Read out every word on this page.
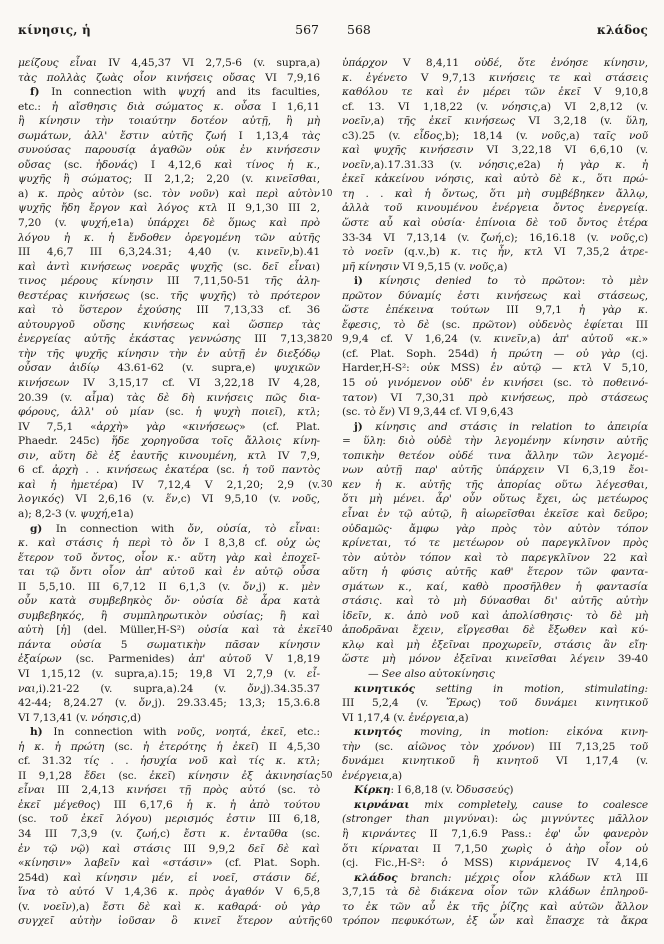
κίνησις, ἡ	567 568	κλάδος
μείζους εἶναι IV 4,45,37 VI 2,7,5-6 (v. supra,a)
τὰς πολλὰς ζωὰς οἷον κινήσεις οὔσας VI 7,9,16
f) In connection with ψυχή and its faculties,
etc.: ἡ αἴσθησις διὰ σώματος κ. οὖσα I 1,6,11
ἢ κίνησιν τὴν τοιαύτην δοτέον αὐτῇ, ἢ μὴ
σωμάτων, ἀλλ' ἔστιν αὐτῆς ζωή I 1,13,4 τὰς
συνούσας παρουσίᾳ ἀγαθῶν οὐκ ἐν κινήσεσιν
οὔσας (sc. ἡδονάς) I 4,12,6 καὶ τίνος ἡ κ.,
ψυχῆς ἢ σώματος; II 2,1,2; 2,20 (v. κινεῖσθαι,
a) κ. πρὸς αὐτὸν (sc. τὸν νοῦν) καὶ περὶ αὐτὸν
ψυχῆς ἤδη ἔργον καὶ λόγος κτλ II 9,1,30 III 2,
7,20 (v. ψυχή,e1a) ὑπάρχει δὲ ὅμως καὶ πρὸ
λόγου ἡ κ. ἡ ἔνδοθεν ὀρεγομένη τῶν αὐτῆς
III 4,6,7 III 6,3,24.31; 4,40 (v. κινεῖν,b).41
καὶ ἀντὶ κινήσεως νοερᾶς ψυχῆς (sc. δεῖ εἶναι)
τινος μέρους κίνησιν III 7,11,50-51 τῆς ἀλη-
θεστέρας κινήσεως (sc. τῆς ψυχῆς) τὸ πρότερον
καὶ τὸ ὕστερον ἐχούσης III 7,13,33 cf. 36
αὐτουργοῦ οὔσης κινήσεως καὶ ὥσπερ τὰς
ἐνεργείας αὐτῆς ἑκάστας γεννώσης III 7,13,38
τὴν τῆς ψυχῆς κίνησιν τὴν ἐν αὑτῇ ἐν διεξόδῳ
οὖσαν ἀιδίῳ 43.61-62 (v. supra,e) ψυχικῶν
κινήσεων IV 3,15,17 cf. VI 3,22,18 IV 4,28,
20.39 (v. αἷμα) τὰς δὲ δὴ κινήσεις πῶς δια-
φόρους, ἀλλ' οὐ μίαν (sc. ἡ ψυχὴ ποιεῖ), κτλ;
IV 7,5,1 «ἀρχὴ» γὰρ «κινήσεως» (cf. Plat.
Phaedr. 245c) ἥδε χορηγοῦσα τοῖς ἄλλοις κίνη-
σιν, αὕτη δὲ ἐξ ἑαυτῆς κινουμένη, κτλ IV 7,9,
6 cf. ἀρχὴ . . κινήσεως ἑκατέρα (sc. ἡ τοῦ παντὸς
καὶ ἡ ἡμετέρα) IV 7,12,4 V 2,1,20; 2,9 (v.
λογικός) VI 2,6,16 (v. ἕν,c) VI 9,5,10 (v. νοῦς,
a); 8,2-3 (v. ψυχή,e1a)
g) In connection with ὄν, οὐσία, τὸ εἶναι:
κ. καὶ στάσις ἡ περὶ τὸ ὄν I 8,3,8 cf. οὐχ ὡς
ἕτερον τοῦ ὄντος, οἷον κ.· αὕτη γὰρ καὶ ἐποχεῖ-
ται τῷ ὄντι οἷον ἀπ' αὐτοῦ καὶ ἐν αὐτῷ οὖσα
II 5,5,10. III 6,7,12 II 6,1,3 (v. ὄν,j) κ. μὲν
οὖν κατὰ συμβεβηκὸς ὄν· οὐσία δὲ ἆρα κατὰ
συμβεβηκός, ἢ συμπληρωτικὸν οὐσίας; ἢ καὶ
αὐτὴ [ἡ] (del. Müller,H-S²) οὐσία καὶ τὰ ἐκεῖ
πάντα οὐσία 5 σωματικὴν πᾶσαν κίνησιν
ἐξαίρων (sc. Parmenides) ἀπ' αὐτοῦ V 1,8,19
VI 1,15,12 (v. supra,a).15; 19,8 VI 2,7,9 (v. εἶ-
ναι,i).21-22 (v. supra,a).24 (v. ὄν,j).34.35.37
42-44; 8,24.27 (v. ὄν,j). 29.33.45; 13,3; 15,3.6.8
VI 7,13,41 (v. νόησις,d)
h) In connection with νοῦς, νοητά, ἐκεῖ, etc.:
ἡ κ. ἡ πρώτη (sc. ἡ ἑτερότης ἡ ἐκεῖ) II 4,5,30
cf. 31.32 τίς . . ἡσυχία νοῦ καὶ τίς κ. κτλ;
II 9,1,28 ἔδει (sc. ἐκεῖ) κίνησιν ἐξ ἀκινησίας
εἶναι III 2,4,13 κινήσει τῇ πρὸς αὐτό (sc. τὸ
ἐκεῖ μέγεθος) III 6,17,6 ἡ κ. ἡ ἀπὸ τούτου
(sc. τοῦ ἐκεῖ λόγου) μερισμός ἐστιν III 6,18,
34 III 7,3,9 (v. ζωή,c) ἔστι κ. ἐνταῦθα (sc.
ἐν τῷ νῷ) καὶ στάσις III 9,9,2 δεῖ δὲ καὶ
«κίνησιν» λαβεῖν καὶ «στάσιν» (cf. Plat. Soph.
254d) καὶ κίνησιν μέν, εἰ νοεῖ, στάσιν δέ,
ἵνα τὸ αὐτό V 1,4,36 κ. πρὸς ἀγαθόν V 6,5,8
(v. νοεῖν),a) ἔστι δὲ καὶ κ. καθαρά· οὐ γὰρ
συγχεῖ αὐτὴν ἰοῦσαν ὃ κινεῖ ἕτερον αὐτῆς
ὑπάρχον V 8,4,11 οὐδέ, ὅτε ἐνόησε κίνησιν,
κ. ἐγένετο V 9,7,13 κινήσεις τε καὶ στάσεις
καθόλου τε καὶ ἐν μέρει τῶν ἐκεῖ V 9,10,8
cf. 13. VI 1,18,22 (v. νόησις,a) VI 2,8,12 (v.
νοεῖν,a) τῆς ἐκεῖ κινήσεως VI 3,2,18 (v. ὕλη,
c3).25 (v. εἶδος,b); 18,14 (v. νοῦς,a) ταῖς νοῦ
καὶ ψυχῆς κινήσεσιν VI 3,22,18 VI 6,6,10 (v.
νοεῖν,a).17.31.33 (v. νόησις,e2a) ἡ γὰρ κ. ἡ
ἐκεῖ κἀκείνου νόησις, καὶ αὐτὸ δὲ κ., ὅτι πρώ-
τη . . καὶ ἡ ὄντως, ὅτι μὴ συμβέβηκεν ἄλλῳ,
10
ἀλλὰ τοῦ κινουμένου ἐνέργεια ὄντος ἐνεργείᾳ.
ὥστε αὖ καὶ οὐσία· ἐπίνοια δὲ τοῦ ὄντος ἑτέρα
33-34 VI 7,13,14 (v. ζωή,c); 16,16.18 (v. νοῦς,c)
τὸ νοεῖν (q.v.,b) κ. τις ἦν, κτλ VI 7,35,2 ἀτρε-
μῆ κίνησιν VI 9,5,15 (v. νοῦς,a)
i) κίνησις denied to τὸ πρῶτον: τὸ μὲν
πρῶτον δύναμίς ἐστι κινήσεως καὶ στάσεως,
ὥστε ἐπέκεινα τούτων III 9,7,1 ἡ γὰρ κ.
ἔφεσις, τὸ δὲ (sc. πρῶτον) οὐδενὸς ἐφίεται III
9,9,4 cf. V 1,6,24 (v. κινεῖν,a) ἀπ' αὐτοῦ «κ.»
20
(cf. Plat. Soph. 254d) ἡ πρώτη — οὐ γὰρ (cj.
Harder,H-S²: οὐκ MSS) ἐν αὐτῷ — κτλ V 5,10,
15 οὐ γινόμενον οὐδ' ἐν κινήσει (sc. τὸ ποθεινό-
τατον) VI 7,30,31 πρὸ κινήσεως, πρὸ στάσεως
(sc. τὸ ἕν) VI 9,3,44 cf. VI 9,6,43
j) κίνησις and στάσις in relation to ἀπειρία
= ὕλη: διὸ οὐδὲ τὴν λεγομένην κίνησιν αὐτῆς
τοπικὴν θετέον οὐδέ τινα ἄλλην τῶν λεγομέ-
νων αὐτῇ παρ' αὐτῆς ὑπάρχειν VI 6,3,19 ἔοι-
κεν ἡ κ. αὐτῆς τῆς ἀπορίας οὕτω λέγεσθαι,
30
ὅτι μὴ μένει. ἆρ' οὖν οὕτως ἔχει, ὡς μετέωρος
εἶναι ἐν τῷ αὐτῷ, ἢ αἰωρεῖσθαι ἐκεῖσε καὶ δεῦρο;
οὐδαμῶς· ἄμφω γὰρ πρὸς τὸν αὐτὸν τόπον
κρίνεται, τό τε μετέωρον οὐ παρεγκλῖνον πρὸς
τὸν αὐτὸν τόπον καὶ τὸ παρεγκλῖνον 22 καὶ
αὕτη ἡ φύσις αὐτῆς καθ' ἕτερον τῶν φαντα-
σμάτων κ., καί, καθὸ προσῆλθεν ἡ φαντασία
στάσις. καὶ τὸ μὴ δύνασθαι δι' αὐτῆς αὐτὴν
ἰδεῖν, κ. ἀπὸ νοῦ καὶ ἀπολίσθησις· τὸ δὲ μὴ
ἀποδρᾶναι ἔχειν, εἴργεσθαι δὲ ἔξωθεν καὶ κύ-
40
κλῳ καὶ μὴ ἐξεῖναι προχωρεῖν, στάσις ἂν εἴη·
ὥστε μὴ μόνον ἐξεῖναι κινεῖσθαι λέγειν 39-40
— See also αὐτοκίνησις
κινητικός setting in motion, stimulating:
III 5,2,4 (v. Ἔρως) τοῦ δυνάμει κινητικοῦ
VI 1,17,4 (v. ἐνέργεια,a)
κινητός moving, in motion: εἰκόνα κινη-
τὴν (sc. αἰῶνος τὸν χρόνον) III 7,13,25 τοῦ
δυνάμει κινητικοῦ ἢ κινητοῦ VI 1,17,4 (v.
ἐνέργεια,a)
50
Κίρκη: I 6,8,18 (v. Ὀδυσσεύς)
κιρνάναι mix completely, cause to coalesce
(stronger than μιγνύναι): ὡς μιγνύντες μᾶλλον
ἢ κιρνάντες II 7,1,6.9 Pass.: ἐφ' ὧν φανερὸν
ὅτι κίρναται II 7,1,50 χωρὶς ὁ ἀὴρ οἷον οὐ
(cj. Fic.,H-S²: ὁ MSS) κιρνάμενος IV 4,14,6
κλάδος branch: μέχρις οἷον κλάδων κτλ III
3,7,15 τὰ δὲ διάκενα οἷον τῶν κλάδων ἐπληροῦ-
το ἐκ τῶν αὖ ἐκ τῆς ῥίζης καὶ αὐτῶν ἄλλον
τρόπον πεφυκότων, ἐξ ὧν καὶ ἔπασχε τὰ ἄκρα
60
